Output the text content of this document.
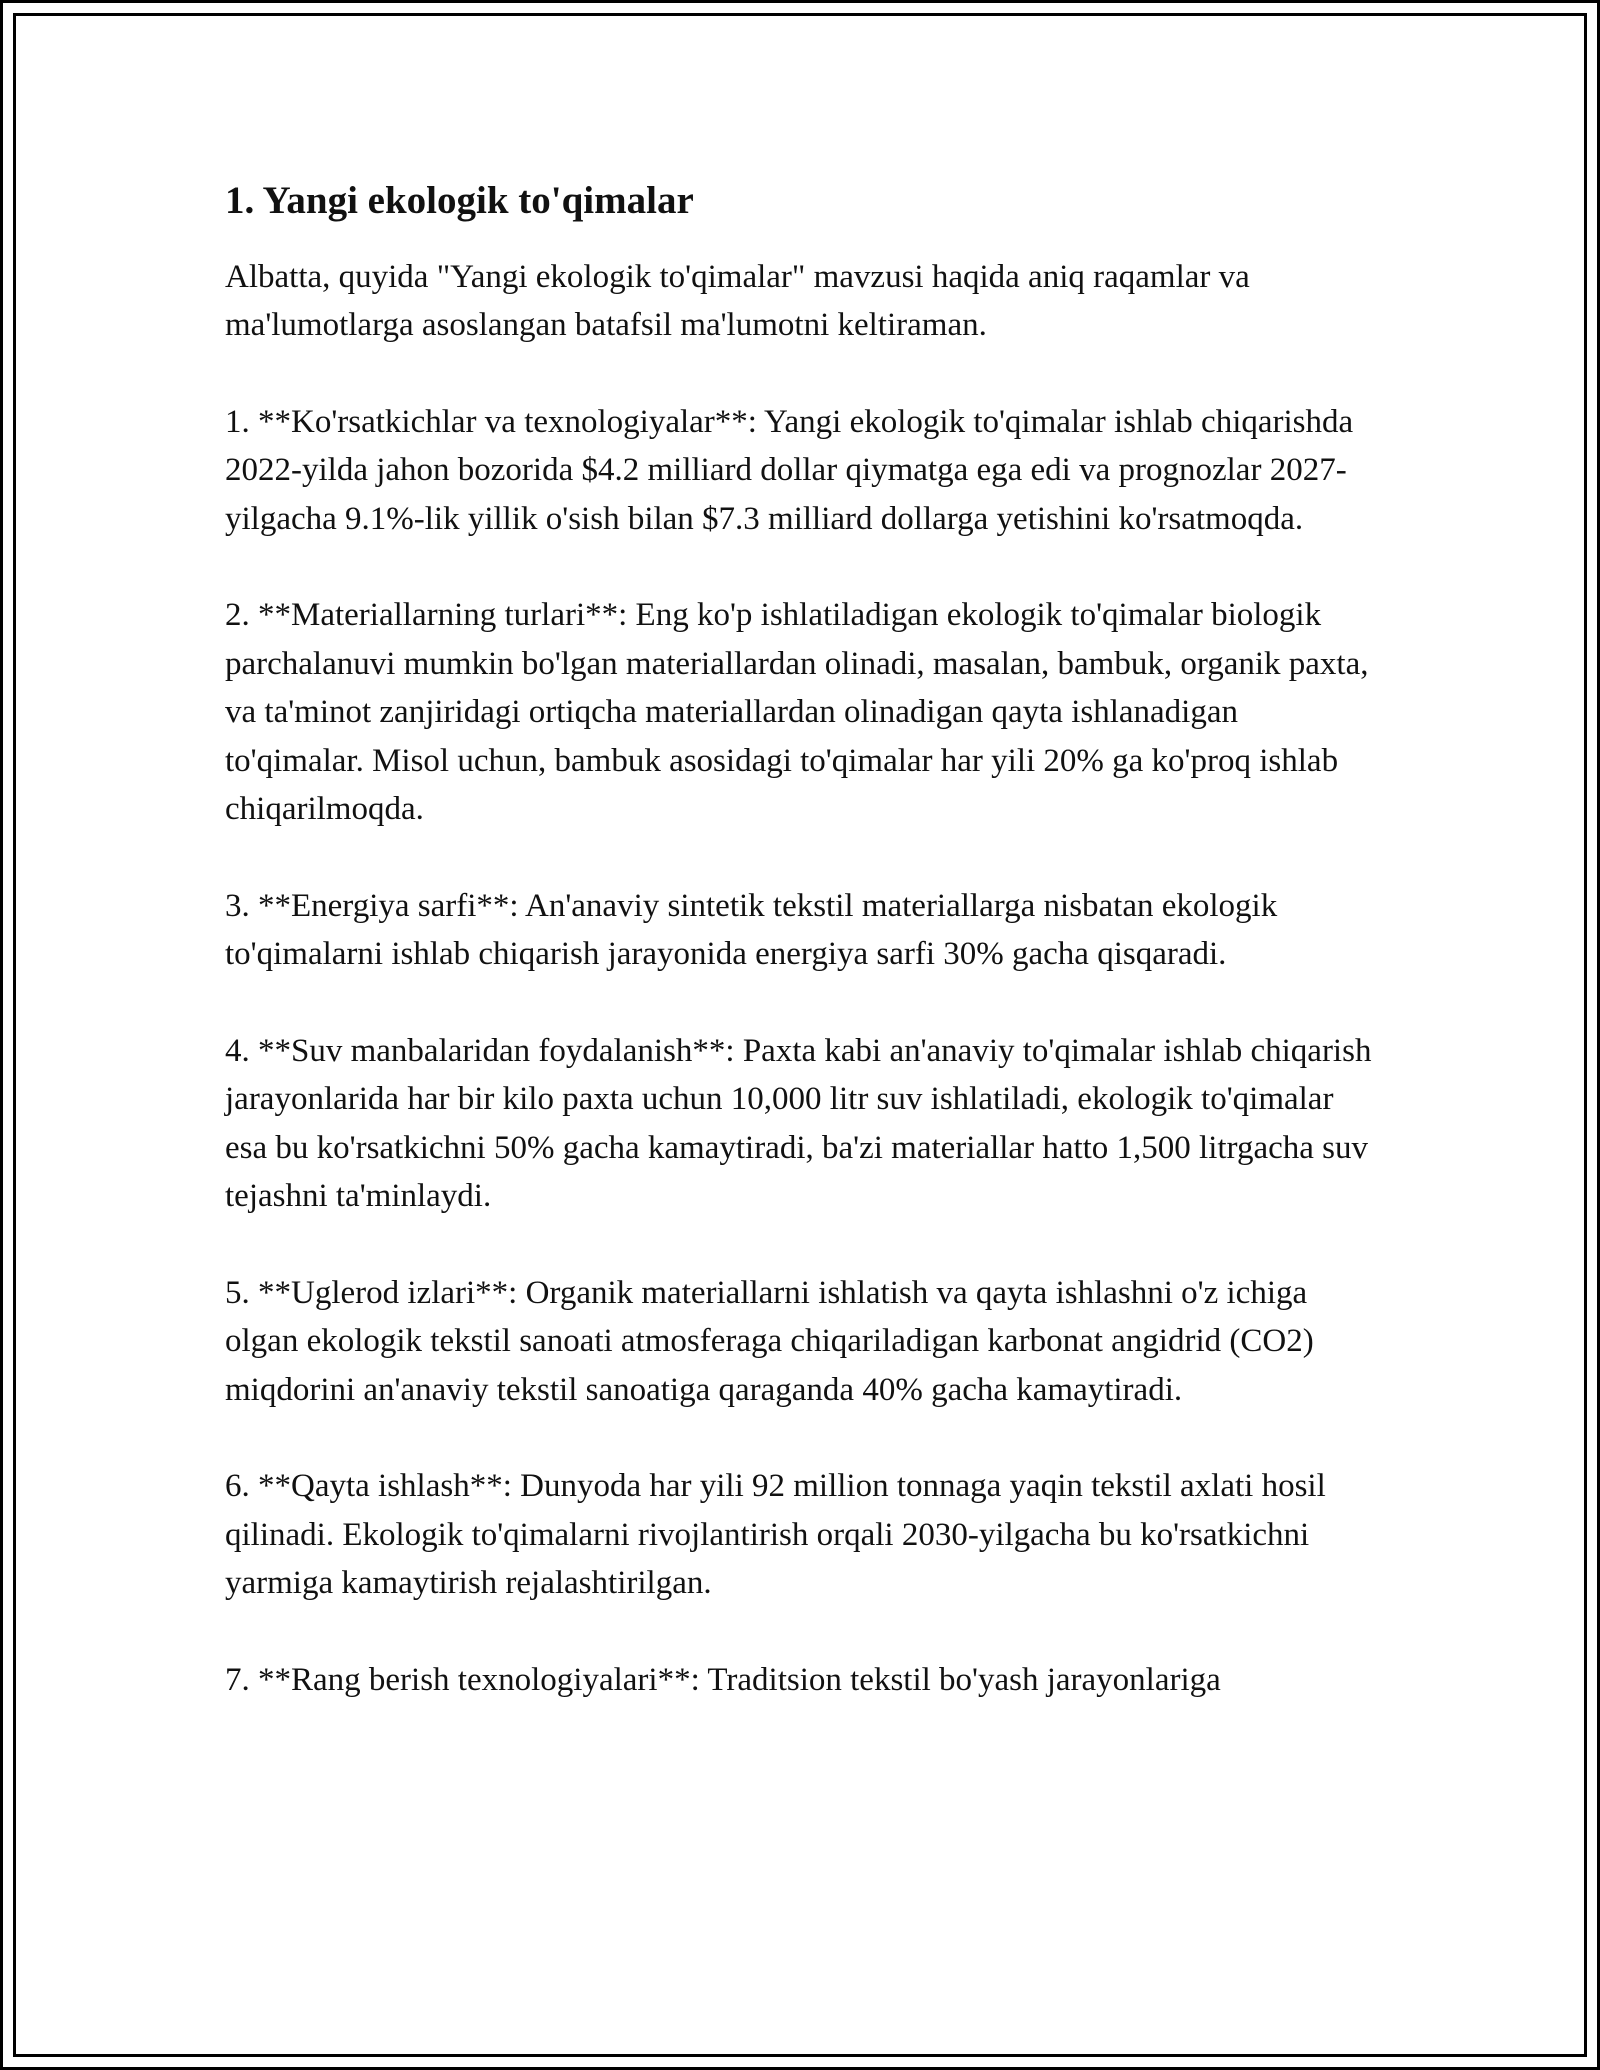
1. Yangi ekologik to'qimalar

Albatta, quyida "Yangi ekologik to'qimalar" mavzusi haqida aniq raqamlar va ma'lumotlarga asoslangan batafsil ma'lumotni keltiraman.

1. **Ko'rsatkichlar va texnologiyalar**: Yangi ekologik to'qimalar ishlab chiqarishda 2022-yilda jahon bozorida $4.2 milliard dollar qiymatga ega edi va prognozlar 2027-yilgacha 9.1%-lik yillik o'sish bilan $7.3 milliard dollarga yetishini ko'rsatmoqda.

2. **Materiallarning turlari**: Eng ko'p ishlatiladigan ekologik to'qimalar biologik parchalanuvi mumkin bo'lgan materiallardan olinadi, masalan, bambuk, organik paxta, va ta'minot zanjiridagi ortiqcha materiallardan olinadigan qayta ishlanadigan to'qimalar. Misol uchun, bambuk asosidagi to'qimalar har yili 20% ga ko'proq ishlab chiqarilmoqda.

3. **Energiya sarfi**: An'anaviy sintetik tekstil materiallarga nisbatan ekologik to'qimalarni ishlab chiqarish jarayonida energiya sarfi 30% gacha qisqaradi.

4. **Suv manbalaridan foydalanish**: Paxta kabi an'anaviy to'qimalar ishlab chiqarish jarayonlarida har bir kilo paxta uchun 10,000 litr suv ishlatiladi, ekologik to'qimalar esa bu ko'rsatkichni 50% gacha kamaytiradi, ba'zi materiallar hatto 1,500 litrgacha suv tejashni ta'minlaydi.

5. **Uglerod izlari**: Organik materiallarni ishlatish va qayta ishlashni o'z ichiga olgan ekologik tekstil sanoati atmosferaga chiqariladigan karbonat angidrid (CO2) miqdorini an'anaviy tekstil sanoatiga qaraganda 40% gacha kamaytiradi.

6. **Qayta ishlash**: Dunyoda har yili 92 million tonnaga yaqin tekstil axlati hosil qilinadi. Ekologik to'qimalarni rivojlantirish orqali 2030-yilgacha bu ko'rsatkichni yarmiga kamaytirish rejalashtirilgan.

7. **Rang berish texnologiyalari**: Traditsion tekstil bo'yash jarayonlariga
